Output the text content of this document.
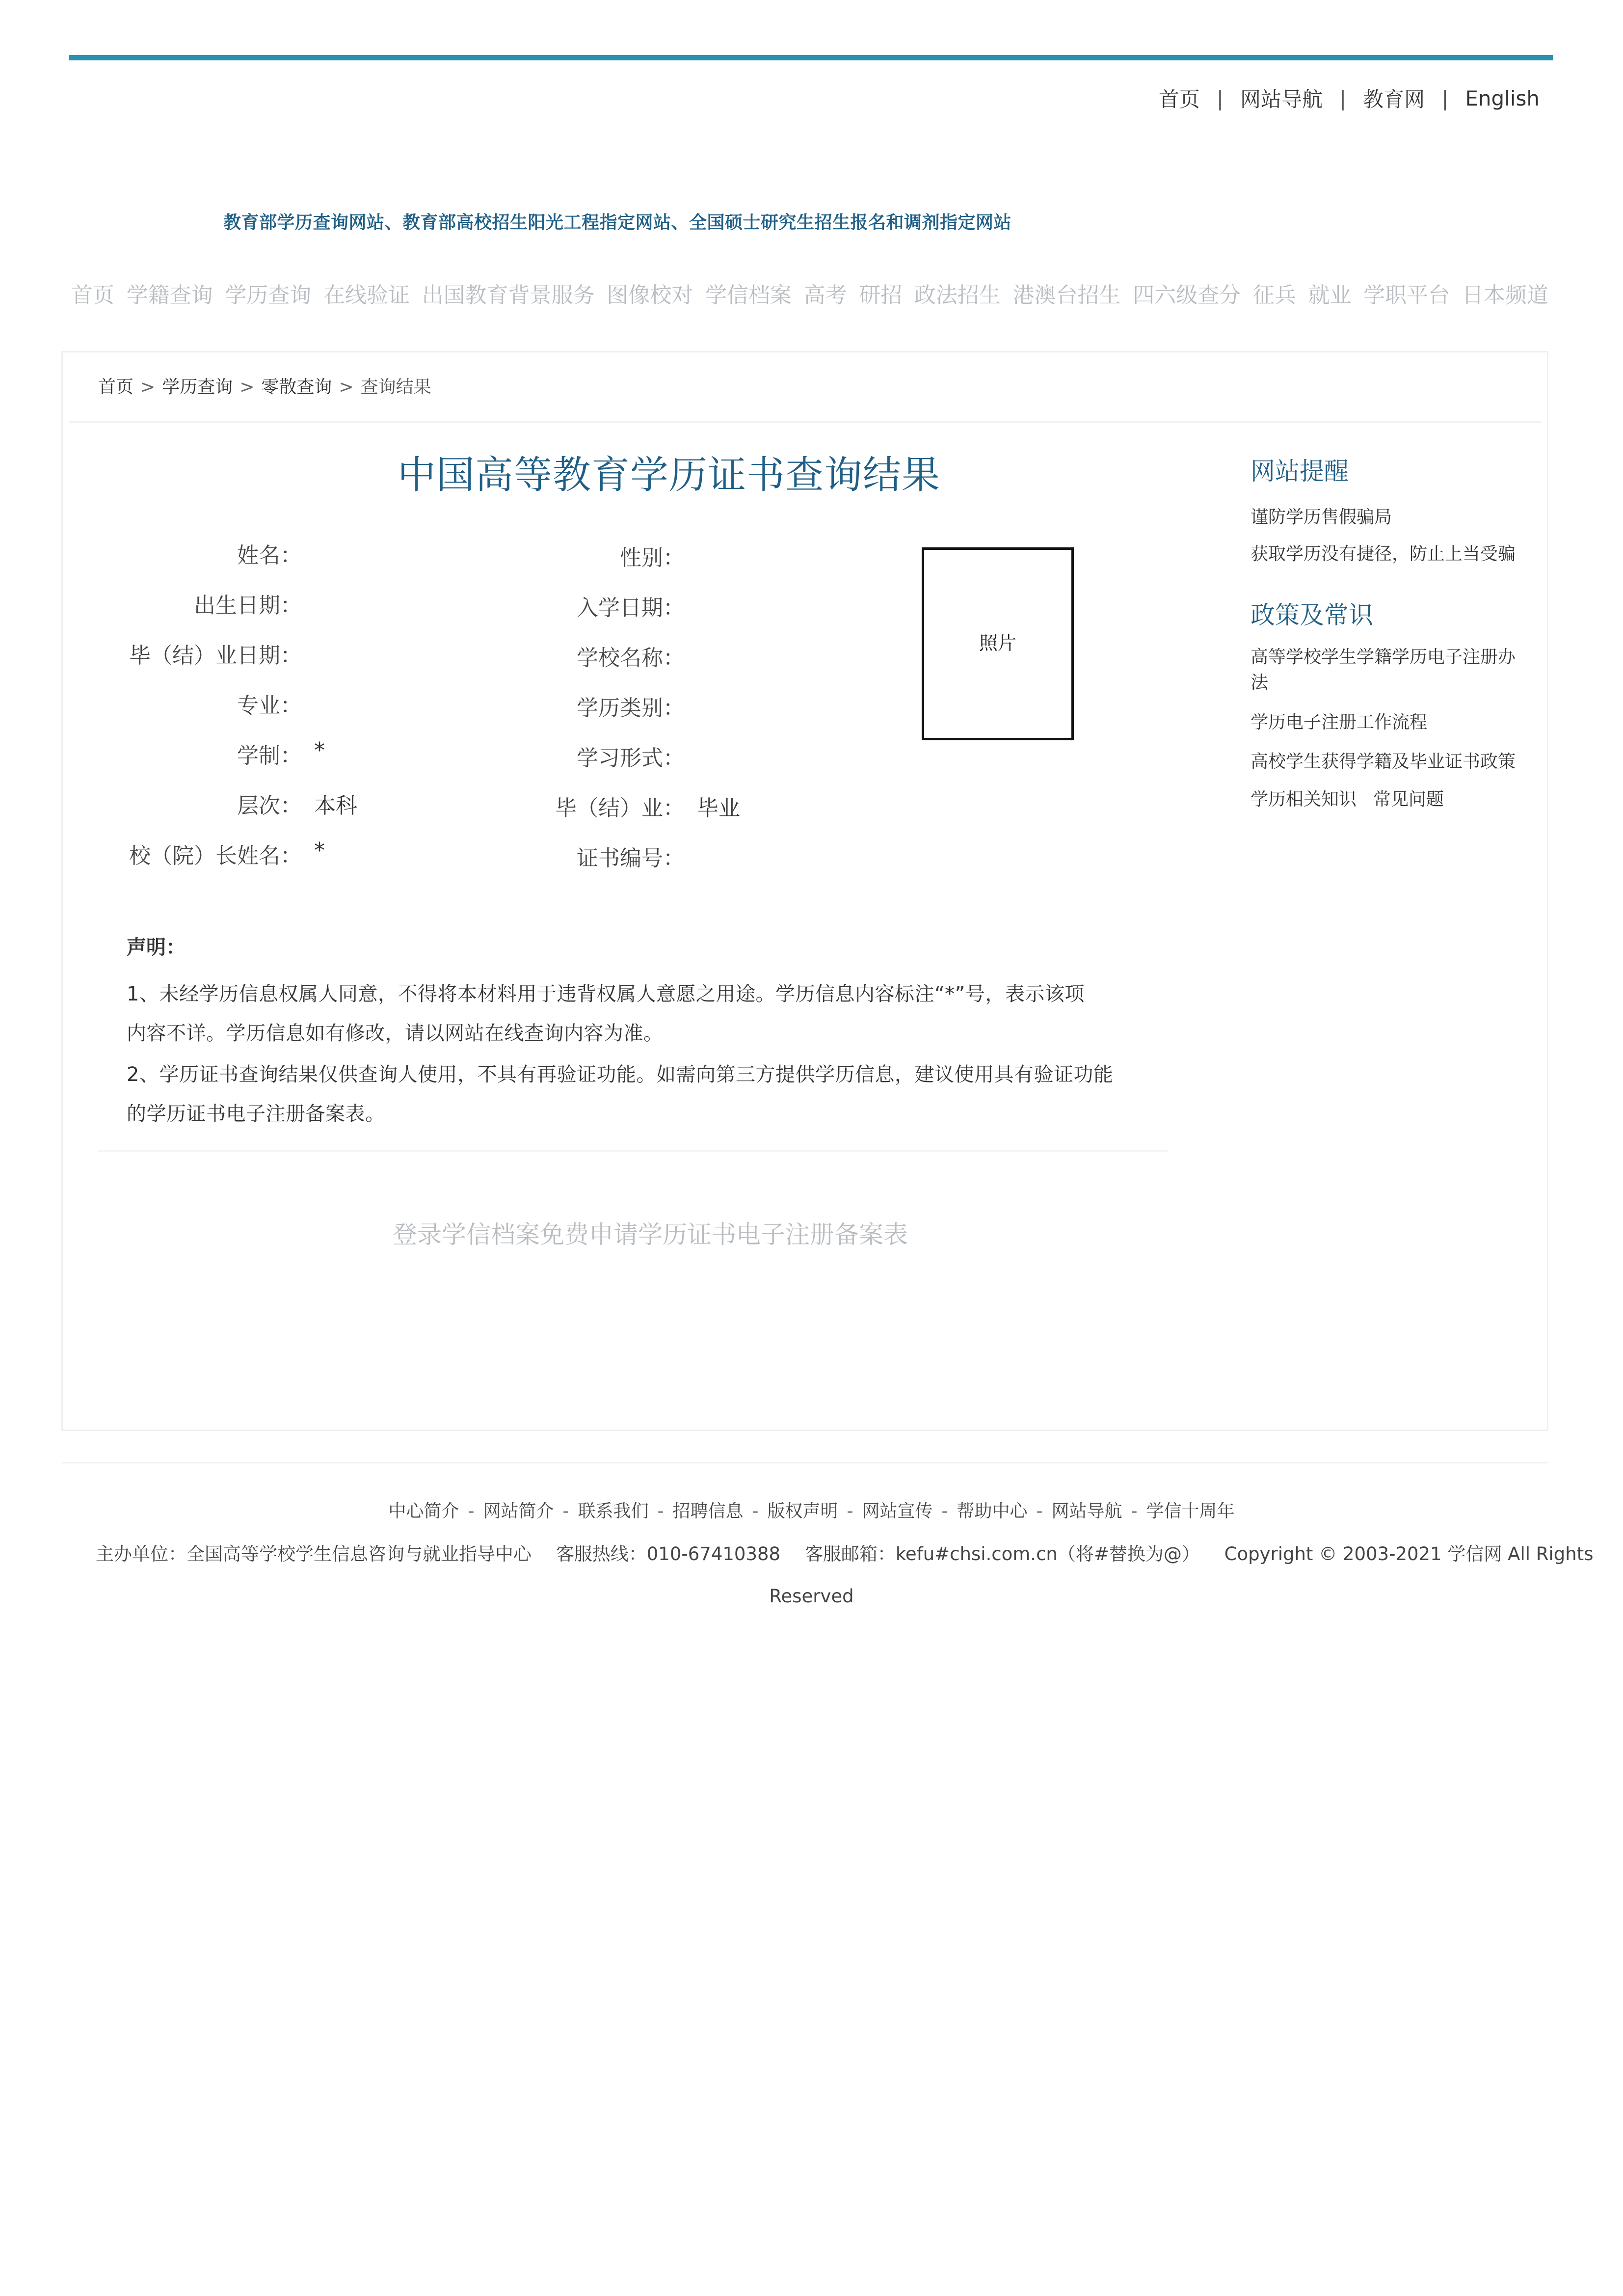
首页 | 网站导航 | 教育网 | English
教育部学历查询网站、教育部高校招生阳光工程指定网站、全国硕士研究生招生报名和调剂指定网站
首页 学籍查询 学历查询 在线验证 出国教育背景服务 图像校对 学信档案 高考 研招 政法招生 港澳台招生 四六级查分 征兵 就业 学职平台 日本频道
首页 > 学历查询 > 零散查询 > 查询结果
中国高等教育学历证书查询结果
姓名：
出生日期：
毕（结）业日期：
专业：
学制：
层次：
校（院）长姓名：
*
本科
*
性别：
入学日期：
学校名称：
学历类别：
学习形式：
毕（结）业：
证书编号：
毕业
照片
网站提醒
谨防学历售假骗局
获取学历没有捷径，防止上当受骗
政策及常识
高等学校学生学籍学历电子注册办
法
学历电子注册工作流程
高校学生获得学籍及毕业证书政策
学历相关知识 常见问题
声明：
1、未经学历信息权属人同意，不得将本材料用于违背权属人意愿之用途。学历信息内容标注“*”号，表示该项
内容不详。学历信息如有修改，请以网站在线查询内容为准。
2、学历证书查询结果仅供查询人使用，不具有再验证功能。如需向第三方提供学历信息，建议使用具有验证功能
的学历证书电子注册备案表。
登录学信档案免费申请学历证书电子注册备案表
中心简介 - 网站简介 - 联系我们 - 招聘信息 - 版权声明 - 网站宣传 - 帮助中心 - 网站导航 - 学信十周年
主办单位：全国高等学校学生信息咨询与就业指导中心 客服热线：010-67410388 客服邮箱：kefu#chsi.com.cn（将#替换为@） Copyright © 2003-2021 学信网 All Rights
Reserved
